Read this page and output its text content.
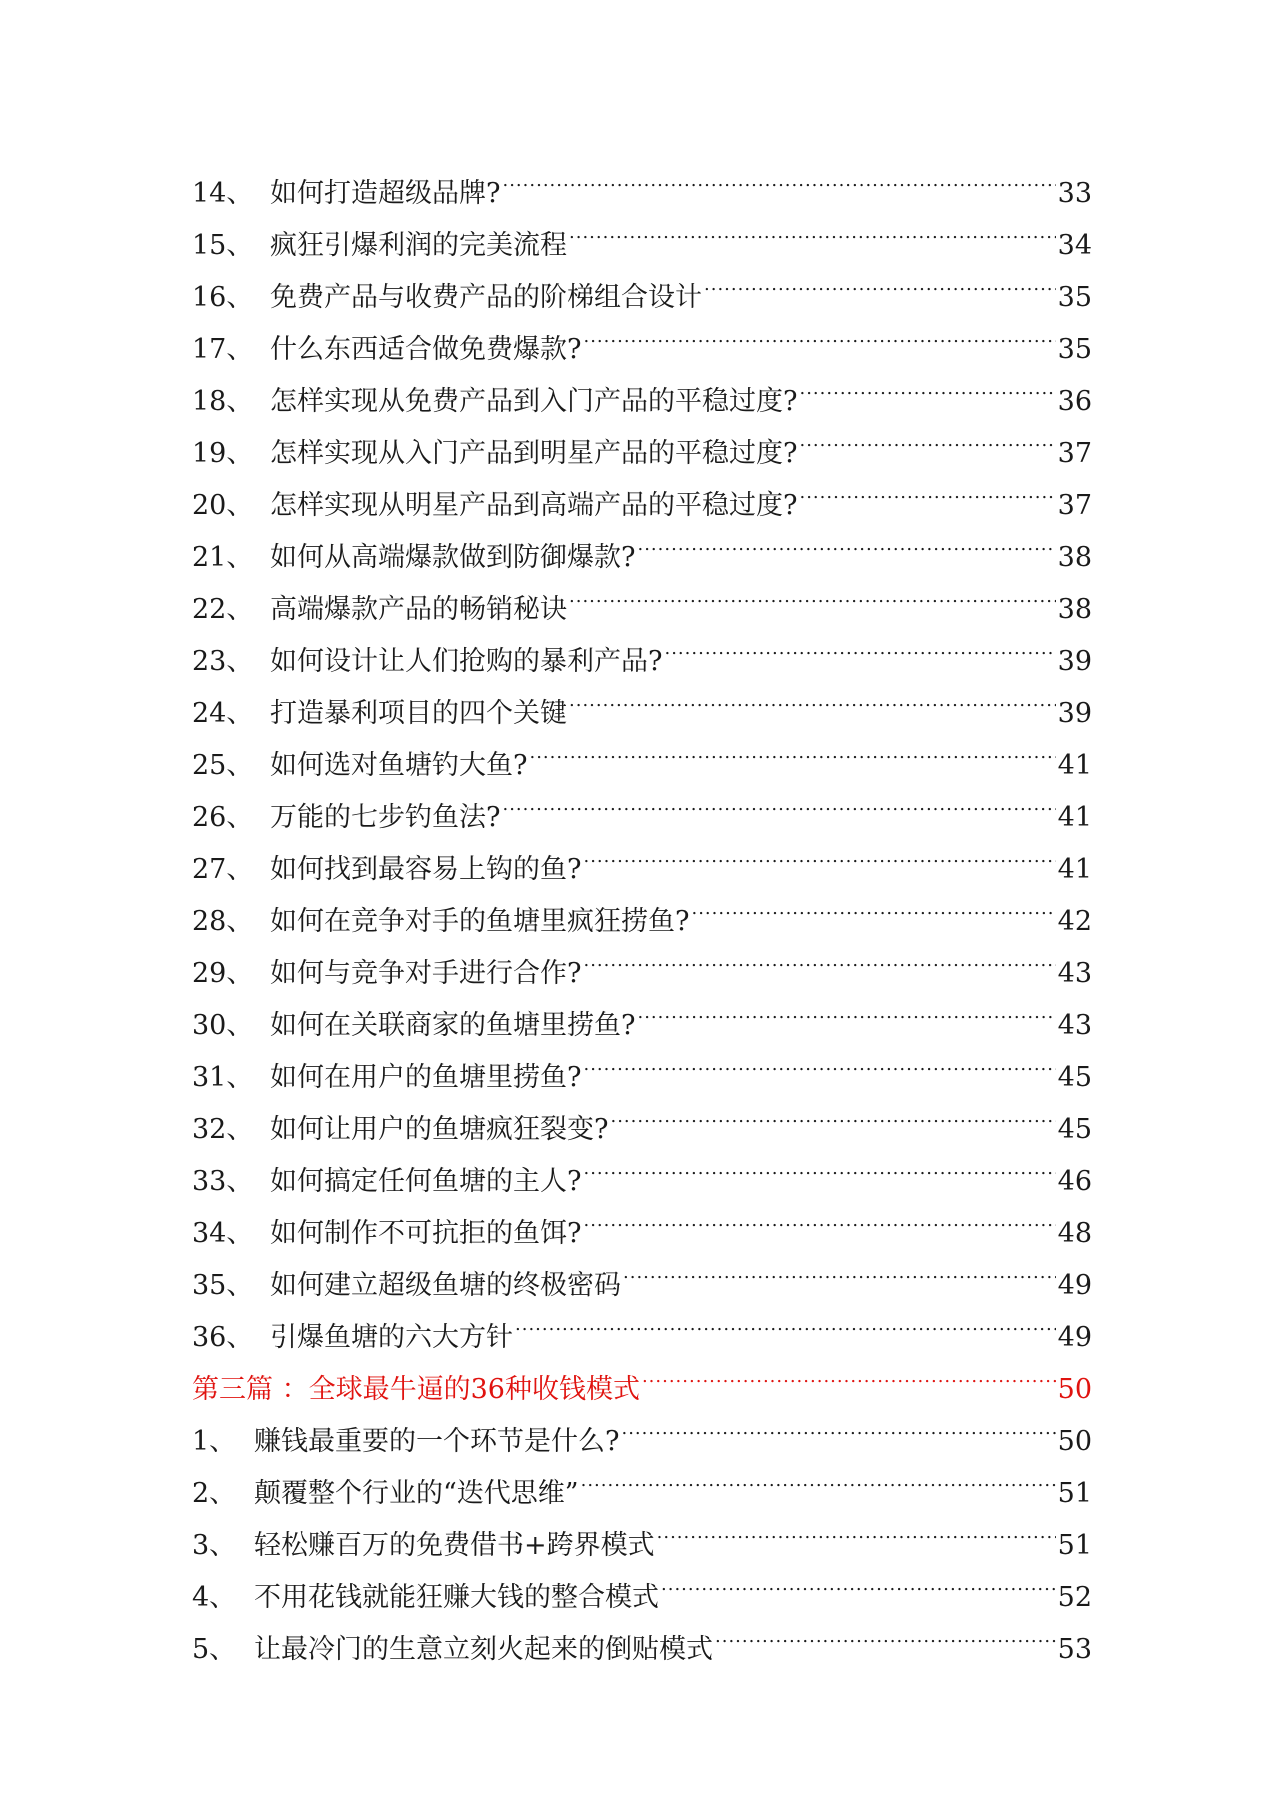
14、 如何打造超级品牌? .....	33
15、 疯狂引爆利润的完美流程 .....	34
16、 免费产品与收费产品的阶梯组合设计 .....	35
17、 什么东西适合做免费爆款? .....	35
18、 怎样实现从免费产品到入门产品的平稳过度? .....	36
19、 怎样实现从入门产品到明星产品的平稳过度? .....	37
20、 怎样实现从明星产品到高端产品的平稳过度? .....	37
21、 如何从高端爆款做到防御爆款? .....	38
22、 高端爆款产品的畅销秘诀 .....	38
23、 如何设计让人们抢购的暴利产品? .....	39
24、 打造暴利项目的四个关键 .....	39
25、 如何选对鱼塘钓大鱼? .....	41
26、 万能的七步钓鱼法? .....	41
27、 如何找到最容易上钩的鱼? .....	41
28、 如何在竞争对手的鱼塘里疯狂捞鱼? .....	42
29、 如何与竞争对手进行合作? .....	43
30、 如何在关联商家的鱼塘里捞鱼? .....	43
31、 如何在用户的鱼塘里捞鱼? .....	45
32、 如何让用户的鱼塘疯狂裂变? .....	45
33、 如何搞定任何鱼塘的主人? .....	46
34、 如何制作不可抗拒的鱼饵? .....	48
35、 如何建立超级鱼塘的终极密码 .....	49
36、 引爆鱼塘的六大方针 .....	49
第三篇 ：全球最牛逼的36种收钱模式 .....	50
1、 赚钱最重要的一个环节是什么? .....	50
2、 颠覆整个行业的“迭代思维” .....	51
3、 轻松赚百万的免费借书+跨界模式 .....	51
4、 不用花钱就能狂赚大钱的整合模式 .....	52
5、 让最冷门的生意立刻火起来的倒贴模式 .....	53
